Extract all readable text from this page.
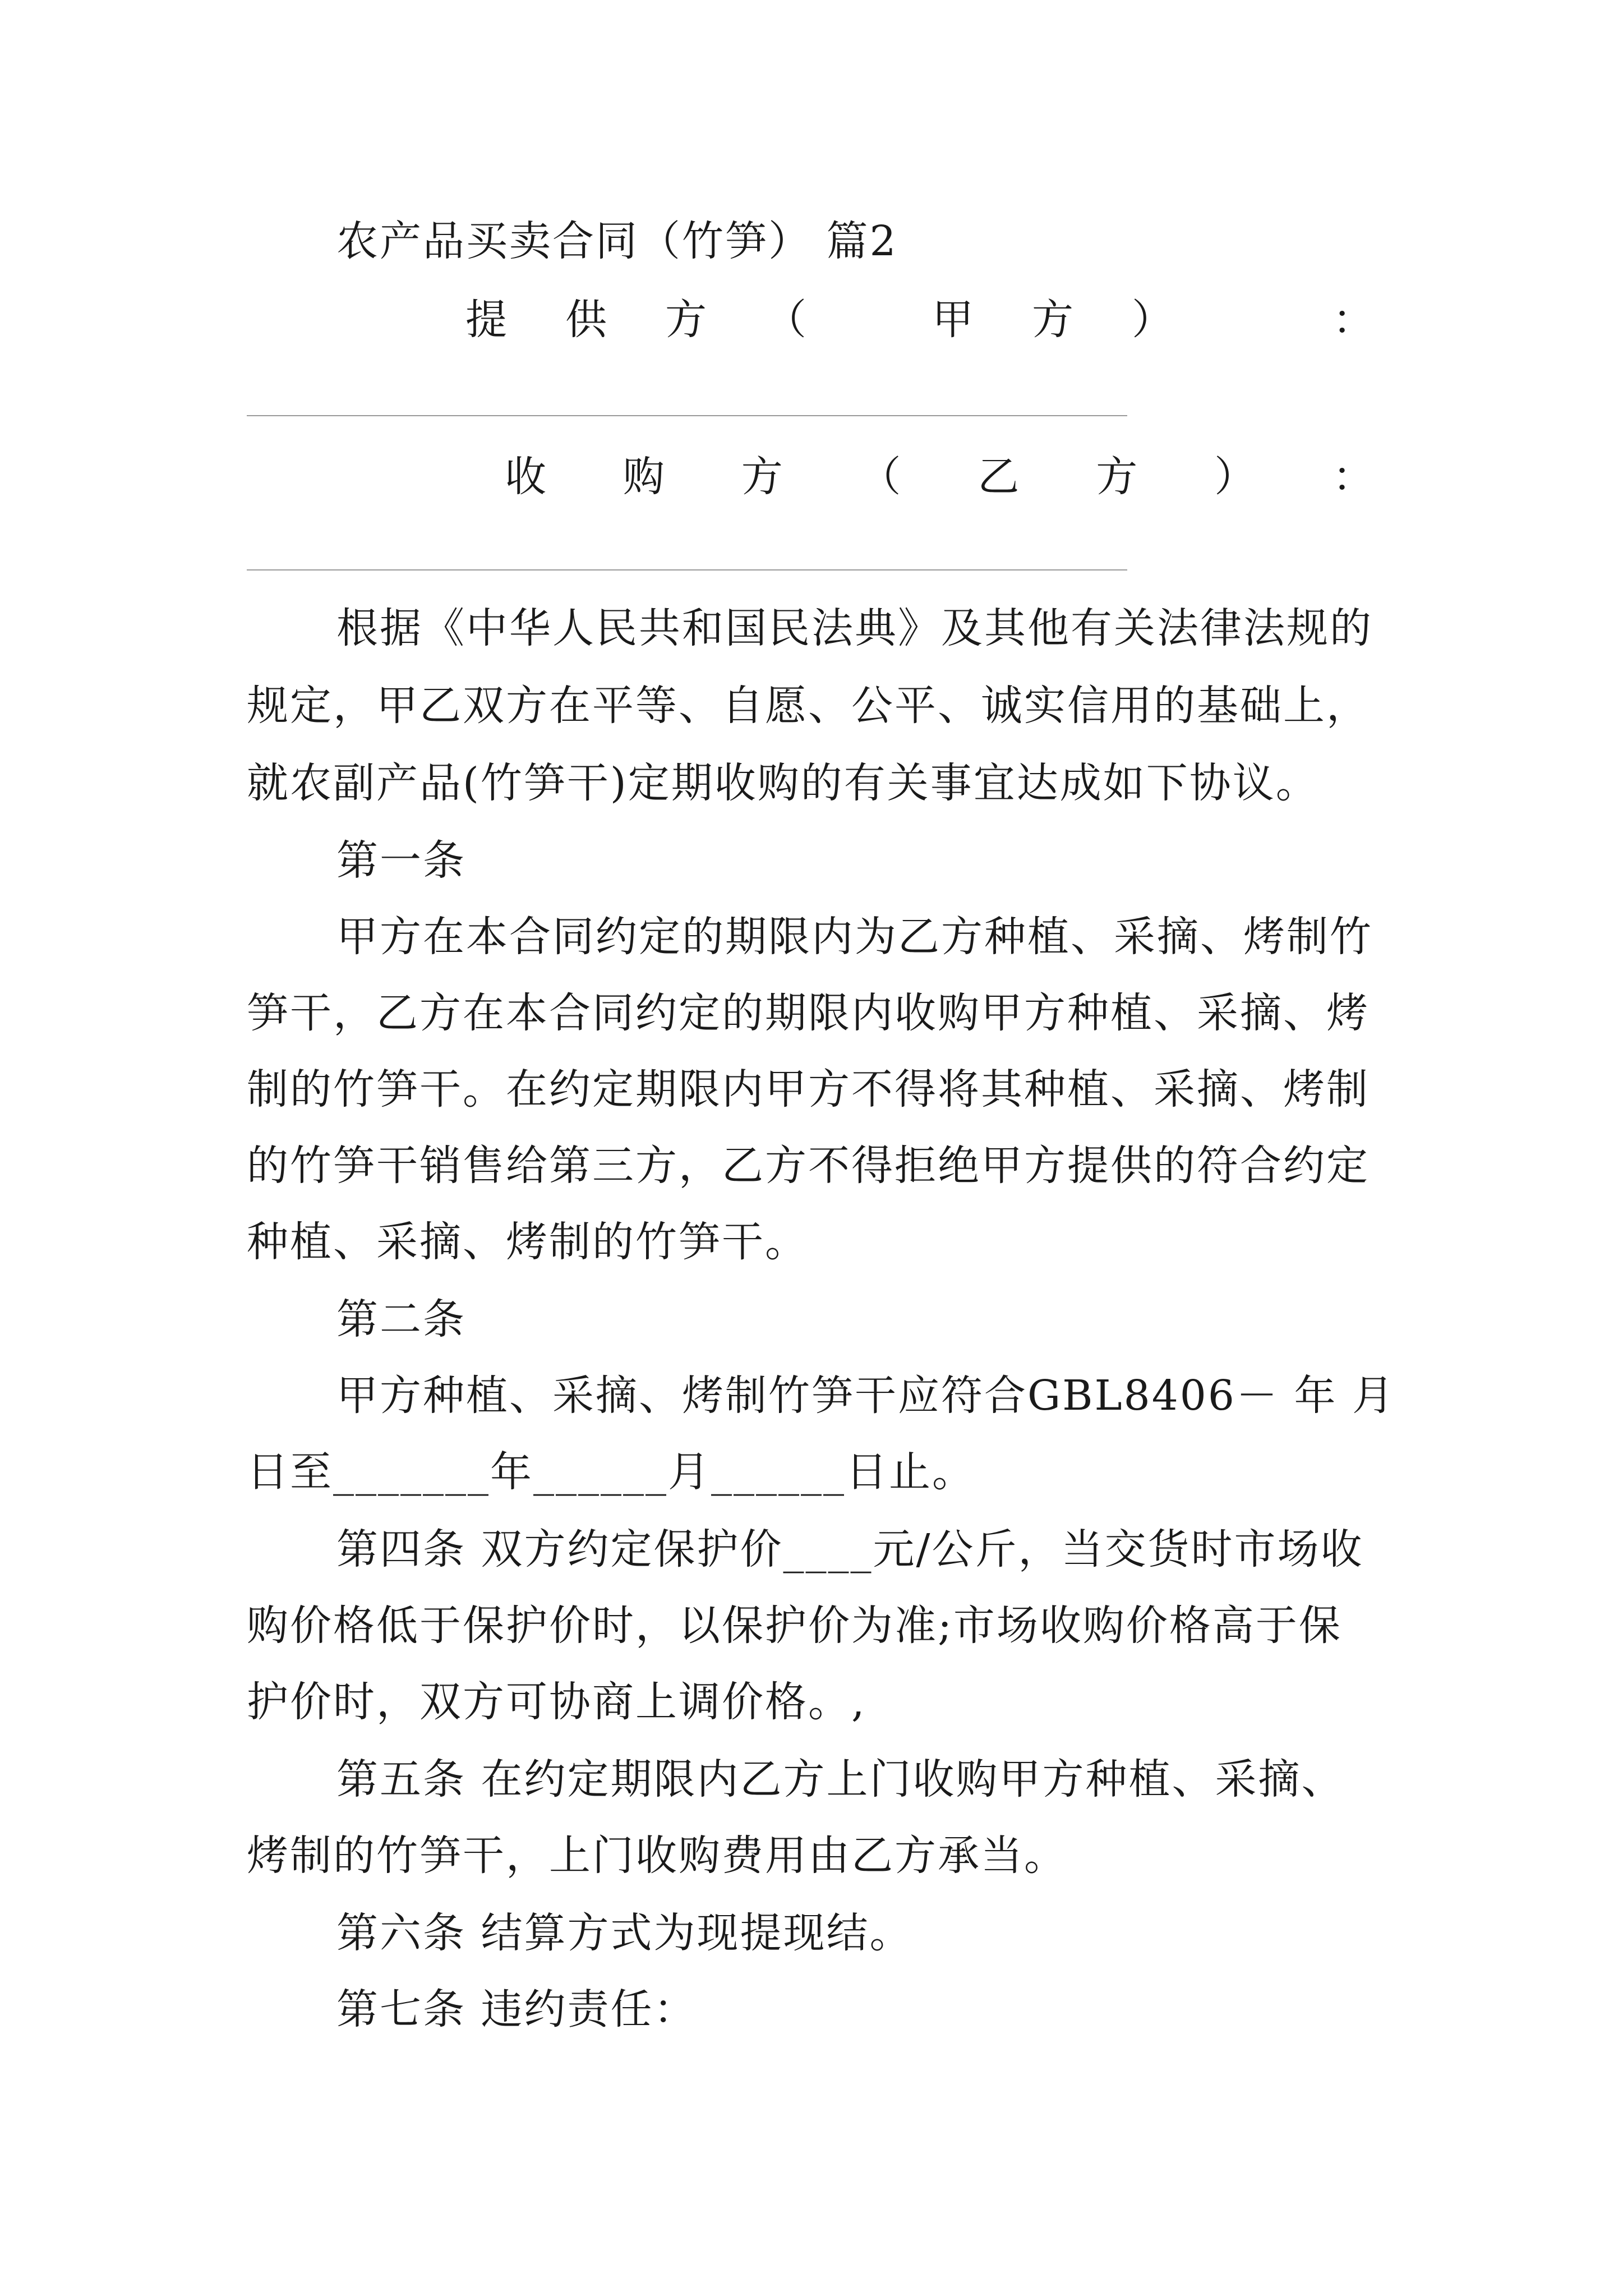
农产品买卖合同（竹笋） 篇2
提 供 方 （	甲 方 ）	：
收 购 方 （ 乙 方 ） ：
根据《中华人民共和国民法典》及其他有关法律法规的
规定，甲乙双方在平等、自愿、公平、诚实信用的基础上，
就农副产品(竹笋干)定期收购的有关事宜达成如下协议。
第一条
甲方在本合同约定的期限内为乙方种植、采摘、烤制竹
笋干，乙方在本合同约定的期限内收购甲方种植、采摘、烤
制的竹笋干。在约定期限内甲方不得将其种植、采摘、烤制
的竹笋干销售给第三方，乙方不得拒绝甲方提供的符合约定
种植、采摘、烤制的竹笋干。
第二条
甲方种植、采摘、烤制竹笋干应符合GBL8406－ 年 月
日至_______年______月______日止。
第四条 双方约定保护价____元/公斤，当交货时市场收
购价格低于保护价时，以保护价为准;市场收购价格高于保
护价时，双方可协商上调价格。,
第五条 在约定期限内乙方上门收购甲方种植、采摘、
烤制的竹笋干，上门收购费用由乙方承当。
第六条 结算方式为现提现结。
第七条 违约责任：
